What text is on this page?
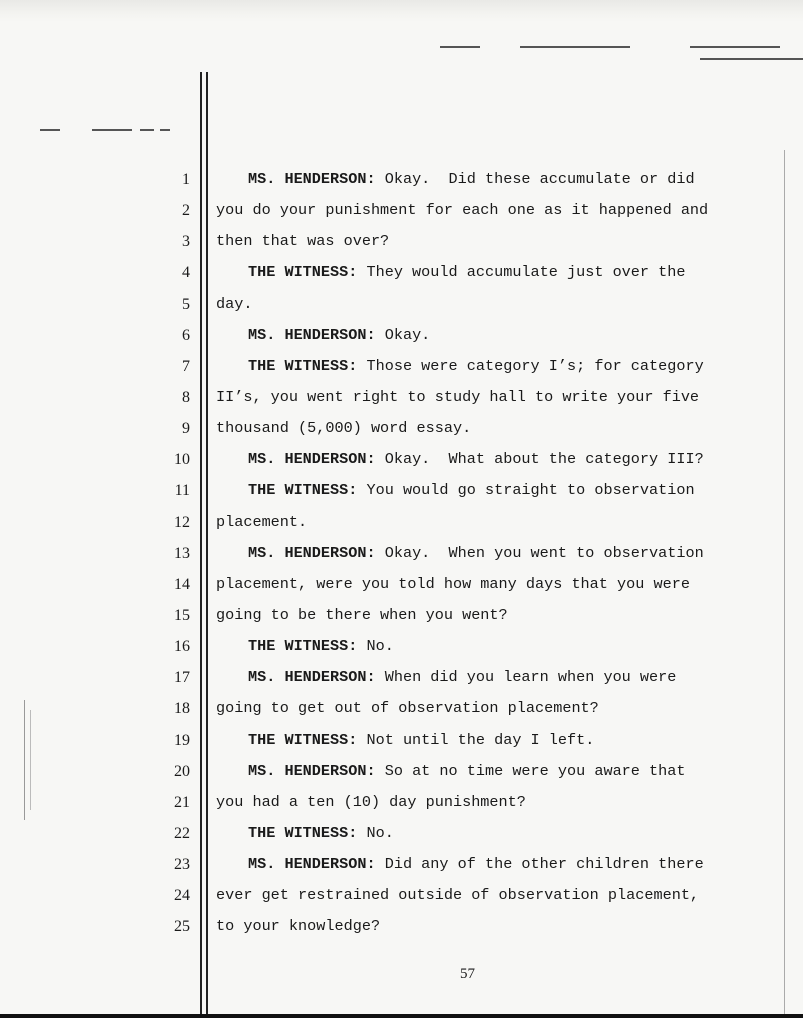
1	MS. HENDERSON: Okay.  Did these accumulate or did
2 you do your punishment for each one as it happened and
3 then that was over?
4	THE WITNESS: They would accumulate just over the
5 day.
6	MS. HENDERSON: Okay.
7	THE WITNESS: Those were category I’s; for category
8 II’s, you went right to study hall to write your five
9 thousand (5,000) word essay.
10	MS. HENDERSON: Okay.  What about the category III?
11	THE WITNESS: You would go straight to observation
12 placement.
13	MS. HENDERSON: Okay.  When you went to observation
14 placement, were you told how many days that you were
15 going to be there when you went?
16	THE WITNESS: No.
17	MS. HENDERSON: When did you learn when you were
18 going to get out of observation placement?
19	THE WITNESS: Not until the day I left.
20	MS. HENDERSON: So at no time were you aware that
21 you had a ten (10) day punishment?
22	THE WITNESS: No.
23	MS. HENDERSON: Did any of the other children there
24 ever get restrained outside of observation placement,
25 to your knowledge?
57
